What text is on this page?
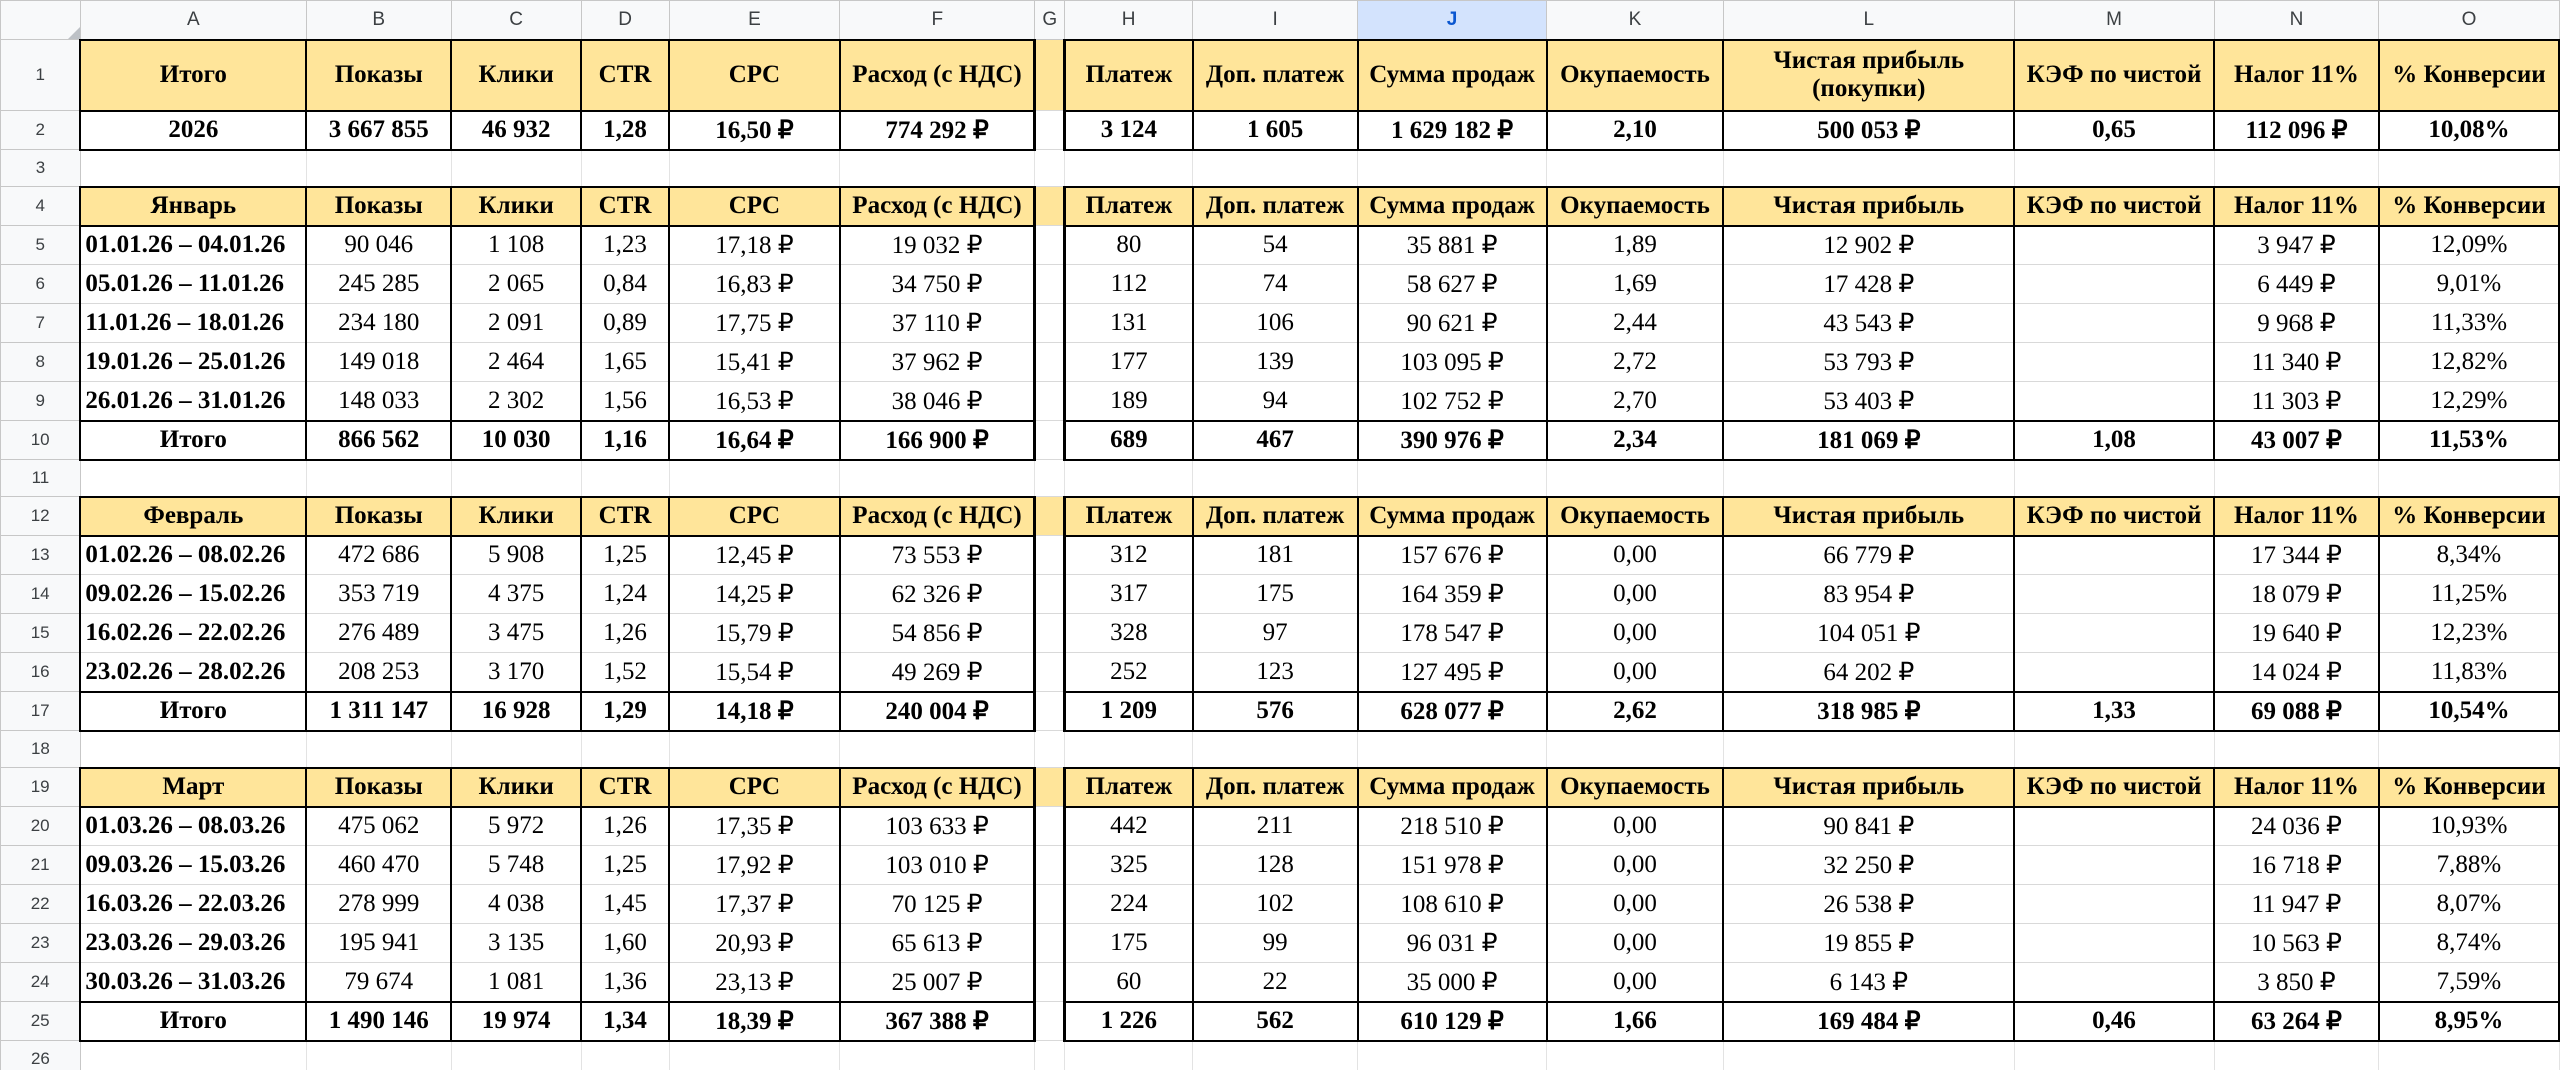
	A	B	C	D	E	F	G	H	I	J	K	L	M	N	O
1	Итого	Показы	Клики	CTR	CPC	Расход (с НДС)		Платеж	Доп. платеж	Сумма продаж	Окупаемость	Чистая прибыль (покупки)	КЭФ по чистой	Налог 11%	% Конверсии
2	2026	3 667 855	46 932	1,28	16,50 ₽	774 292 ₽		3 124	1 605	1 629 182 ₽	2,10	500 053 ₽	0,65	112 096 ₽	10,08%
3															
4	Январь	Показы	Клики	CTR	CPC	Расход (с НДС)		Платеж	Доп. платеж	Сумма продаж	Окупаемость	Чистая прибыль	КЭФ по чистой	Налог 11%	% Конверсии
5	01.01.26 – 04.01.26	90 046	1 108	1,23	17,18 ₽	19 032 ₽		80	54	35 881 ₽	1,89	12 902 ₽		3 947 ₽	12,09%
6	05.01.26 – 11.01.26	245 285	2 065	0,84	16,83 ₽	34 750 ₽		112	74	58 627 ₽	1,69	17 428 ₽		6 449 ₽	9,01%
7	11.01.26 – 18.01.26	234 180	2 091	0,89	17,75 ₽	37 110 ₽		131	106	90 621 ₽	2,44	43 543 ₽		9 968 ₽	11,33%
8	19.01.26 – 25.01.26	149 018	2 464	1,65	15,41 ₽	37 962 ₽		177	139	103 095 ₽	2,72	53 793 ₽		11 340 ₽	12,82%
9	26.01.26 – 31.01.26	148 033	2 302	1,56	16,53 ₽	38 046 ₽		189	94	102 752 ₽	2,70	53 403 ₽		11 303 ₽	12,29%
10	Итого	866 562	10 030	1,16	16,64 ₽	166 900 ₽		689	467	390 976 ₽	2,34	181 069 ₽	1,08	43 007 ₽	11,53%
11															
12	Февраль	Показы	Клики	CTR	CPC	Расход (с НДС)		Платеж	Доп. платеж	Сумма продаж	Окупаемость	Чистая прибыль	КЭФ по чистой	Налог 11%	% Конверсии
13	01.02.26 – 08.02.26	472 686	5 908	1,25	12,45 ₽	73 553 ₽		312	181	157 676 ₽	0,00	66 779 ₽		17 344 ₽	8,34%
14	09.02.26 – 15.02.26	353 719	4 375	1,24	14,25 ₽	62 326 ₽		317	175	164 359 ₽	0,00	83 954 ₽		18 079 ₽	11,25%
15	16.02.26 – 22.02.26	276 489	3 475	1,26	15,79 ₽	54 856 ₽		328	97	178 547 ₽	0,00	104 051 ₽		19 640 ₽	12,23%
16	23.02.26 – 28.02.26	208 253	3 170	1,52	15,54 ₽	49 269 ₽		252	123	127 495 ₽	0,00	64 202 ₽		14 024 ₽	11,83%
17	Итого	1 311 147	16 928	1,29	14,18 ₽	240 004 ₽		1 209	576	628 077 ₽	2,62	318 985 ₽	1,33	69 088 ₽	10,54%
18															
19	Март	Показы	Клики	CTR	CPC	Расход (с НДС)		Платеж	Доп. платеж	Сумма продаж	Окупаемость	Чистая прибыль	КЭФ по чистой	Налог 11%	% Конверсии
20	01.03.26 – 08.03.26	475 062	5 972	1,26	17,35 ₽	103 633 ₽		442	211	218 510 ₽	0,00	90 841 ₽		24 036 ₽	10,93%
21	09.03.26 – 15.03.26	460 470	5 748	1,25	17,92 ₽	103 010 ₽		325	128	151 978 ₽	0,00	32 250 ₽		16 718 ₽	7,88%
22	16.03.26 – 22.03.26	278 999	4 038	1,45	17,37 ₽	70 125 ₽		224	102	108 610 ₽	0,00	26 538 ₽		11 947 ₽	8,07%
23	23.03.26 – 29.03.26	195 941	3 135	1,60	20,93 ₽	65 613 ₽		175	99	96 031 ₽	0,00	19 855 ₽		10 563 ₽	8,74%
24	30.03.26 – 31.03.26	79 674	1 081	1,36	23,13 ₽	25 007 ₽		60	22	35 000 ₽	0,00	6 143 ₽		3 850 ₽	7,59%
25	Итого	1 490 146	19 974	1,34	18,39 ₽	367 388 ₽		1 226	562	610 129 ₽	1,66	169 484 ₽	0,46	63 264 ₽	8,95%
26															
